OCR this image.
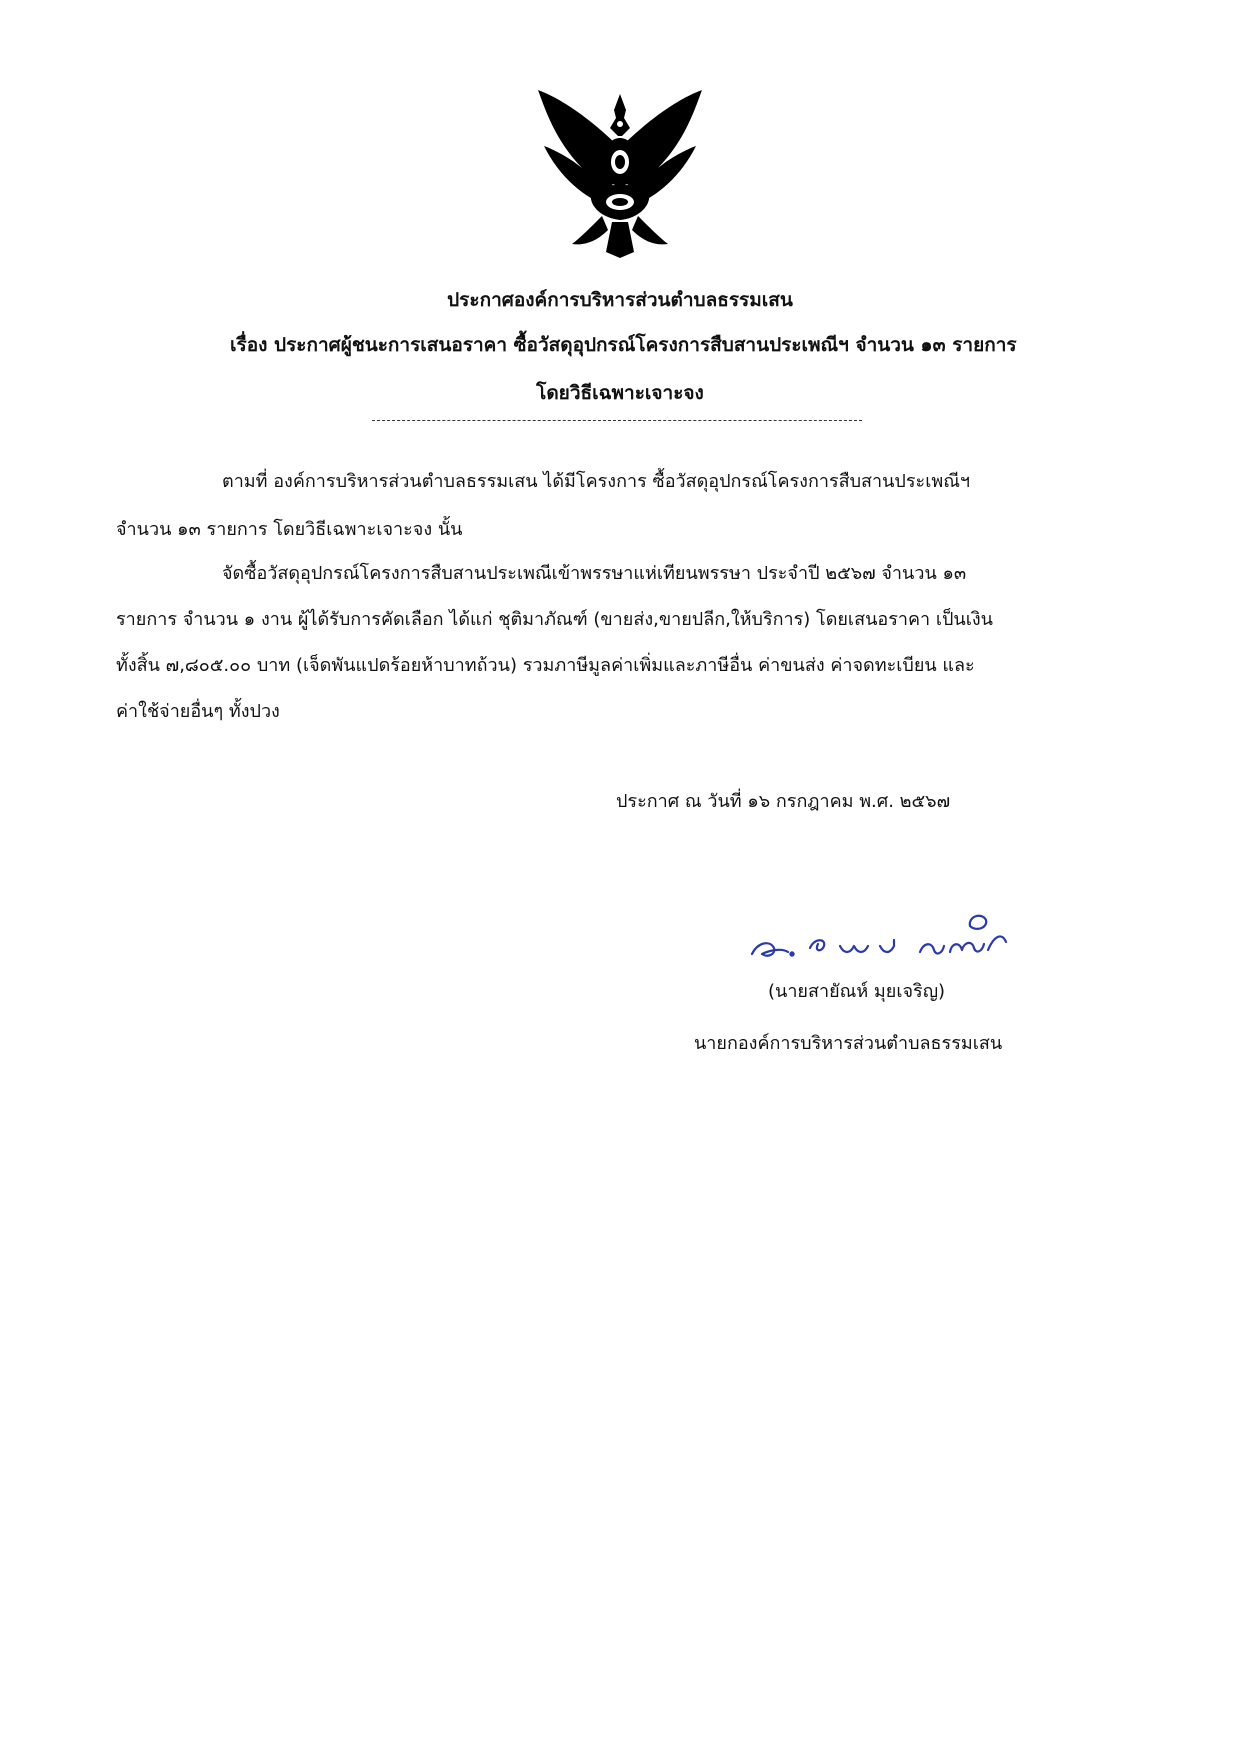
ประกาศองค์การบริหารส่วนตำบลธรรมเสน
เรื่อง ประกาศผู้ชนะการเสนอราคา ซื้อวัสดุอุปกรณ์โครงการสืบสานประเพณีฯ จำนวน ๑๓ รายการ
โดยวิธีเฉพาะเจาะจง
ตามที่ องค์การบริหารส่วนตำบลธรรมเสน ได้มีโครงการ ซื้อวัสดุอุปกรณ์โครงการสืบสานประเพณีฯ
จำนวน ๑๓ รายการ โดยวิธีเฉพาะเจาะจง นั้น
จัดซื้อวัสดุอุปกรณ์โครงการสืบสานประเพณีเข้าพรรษาแห่เทียนพรรษา ประจำปี ๒๕๖๗ จำนวน ๑๓
รายการ จำนวน ๑ งาน ผู้ได้รับการคัดเลือก ได้แก่ ชุติมาภัณฑ์ (ขายส่ง,ขายปลีก,ให้บริการ) โดยเสนอราคา เป็นเงิน
ทั้งสิ้น ๗,๘๐๕.๐๐ บาท (เจ็ดพันแปดร้อยห้าบาทถ้วน) รวมภาษีมูลค่าเพิ่มและภาษีอื่น ค่าขนส่ง ค่าจดทะเบียน และ
ค่าใช้จ่ายอื่นๆ ทั้งปวง
ประกาศ ณ วันที่ ๑๖ กรกฎาคม พ.ศ. ๒๕๖๗
(นายสายัณห์ มุยเจริญ)
นายกองค์การบริหารส่วนตำบลธรรมเสน
